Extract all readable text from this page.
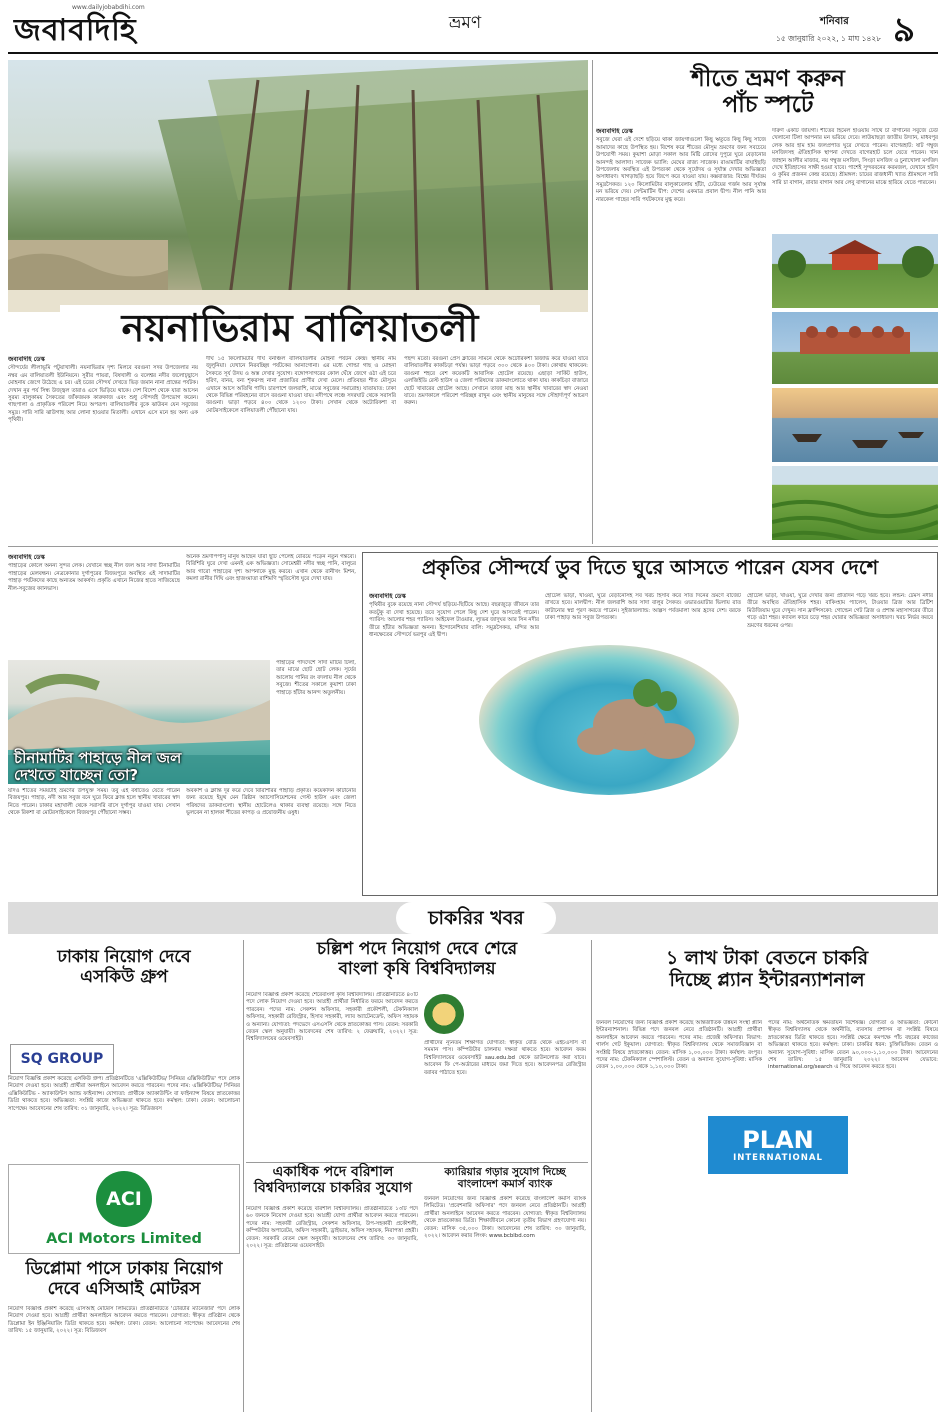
জবাবদিহি
www.dailyjobabdihi.com
ভ্রমণ	শনিবার
১৫ জানুয়ারি ২০২২, ১ মাঘ ১৪২৮ ৯
নয়নাভিরাম বালিয়াতলী
জবাবদিহি ডেস্ক

সৌন্দর্যের লীলাভূমি পটুয়াখালী। নয়নাভিরাম দৃশ্য মিলবে বরগুনা সদর উপজেলার নয় নম্বর এম বালিয়াতলী ইউনিয়নে। সুরীর পায়রা, বিষখালী ও বলেশ্বর নদীর জলোচ্ছ্বাসে মোহনায় জেগে উঠেছে এ চর। এই চরের সৌন্দর্য দেখতে ভিড় জমান নানা প্রান্তের পর্যটক। দেখান নুর পর্য সিন্ধ উজ্জ্বল তারাও এসে ভিড়িয়ে থাকে। দেশ বিদেশ থেকে যারা আসেন সুরম্য বালুকাময় সৈকতের জাঁকজমক কারুকাজ এবং শুধু সৌন্দর্যই উপভোগ করেন। গাছপালা ও প্রাকৃতিক পরিবেশ নিয়ে অপরূপ। বালিয়াতলীর বুকে ঝাউবন যেন সবুজের সমুদ্র। সারি সারি ঝাউগাছ আর লোনা হাওয়ার মিতালী। এখানে এসে মনে হয় অন্য এক পৃথিবী।

দীর্ঘ ১৫ কিলোমিটার দীর্ঘ বনাঞ্চল বালিয়াতলীর মোহনা পর্যটন কেন্দ্র। স্থানীয় নাম জুলুনিয়া। যেখানে নিরবচ্ছিন্ন পর্যটকের আনাগোনা। এর মধ্যে গোল্ডা গাছ ও মোহনা সৈকতে সূর্য উদয় ও অস্ত দেখার সুযোগ। বঙ্গোপসাগরের কোল ঘেঁষে জেগে ওঠা এই চরে হরিণ, বানর, বন্য শূকরসহ নানা প্রজাতির প্রাণীর দেখা মেলে। প্রতিবছর শীত মৌসুমে এখানে আসে অতিথি পাখি। চারপাশে জলরাশি, মাঝে সবুজের সমারোহ। যাতায়াত: ঢাকা থেকে বিভিন্ন পরিবহনের বাসে বরগুনা যাওয়া যায়। নদীপথে লঞ্চে সদরঘাট থেকে সরাসরি বরগুনা। ভাড়া পড়বে ৪০০ থেকে ১২০০ টাকা। সেখান থেকে অটোরিকশা বা মোটরসাইকেলে বালিয়াতলী পৌঁছানো যায়।

পছন্দ মতো। বরগুনা প্রেস ক্লাবের সামনে থেকে অটোরিকশা রিজার্ভ করে যাওয়া যাবে বালিয়াতলীর কাকচিড়া পর্যন্ত। ভাড়া পড়বে ৩০০ থেকে ৪০০ টাকা। কোথায় থাকবেন: বরগুনা শহরে বেশ কয়েকটি আবাসিক হোটেল রয়েছে। এছাড়া সার্কিট হাউস, এলজিইডি রেস্ট হাউস ও জেলা পরিষদের ডাকবাংলোতে থাকা যায়। কাকচিড়া বাজারে ছোট খাবারের হোটেল আছে। সেখানে তাজা মাছ আর স্থানীয় খাবারের স্বাদ নেওয়া যাবে। ভ্রমণকালে পরিবেশ পরিচ্ছন্ন রাখুন এবং স্থানীয় মানুষের সঙ্গে সৌহার্দ্যপূর্ণ আচরণ করুন।

শীতে ভ্রমণ করুন
পাঁচ স্পটে
জবাবদিহি ডেস্ক

সবুজে ঘেরা এই দেশে ছড়িয়ে থাকা জায়গাগুলো কিছু ঋতুতে কিছু কিছু সাজে আমাদের কাছে উপস্থিত হয়। বিশেষ করে শীতের মৌসুম ভ্রমণের জন্য সবচেয়ে উপযোগী সময়। কুয়াশা মোড়া সকাল আর মিষ্টি রোদের দুপুরে ঘুরে বেড়ানোর আনন্দই আলাদা। সাজেক ভ্যালি: মেঘের রাজ্য সাজেক। রাঙামাটির বাঘাইছড়ি উপজেলায় অবস্থিত এই উপত্যকা থেকে সূর্যোদয় ও সূর্যাস্ত দেখার অভিজ্ঞতা অসাধারণ। খাগড়াছড়ি হয়ে জিপে করে যাওয়া যায়। কক্সবাজার: বিশ্বের দীর্ঘতম সমুদ্রসৈকত। ১২০ কিলোমিটার বালুকাবেলায় হাঁটা, ঢেউয়ের গর্জন আর সূর্যাস্ত মন ভরিয়ে দেয়। সেন্টমার্টিন দ্বীপ: দেশের একমাত্র প্রবাল দ্বীপ। নীল পানি আর নারকেল গাছের সারি পর্যটকদের মুগ্ধ করে।

দারুণ একটি জায়গা। শীতের হিমেল হাওয়ায় সাথে চা বাগানের সবুজে ঢেউ খেলানো টিলা আপনার মন ভরিয়ে দেবে। লাউয়াছড়া জাতীয় উদ্যান, মাধবপুর লেক আর হাম হাম জলপ্রপাত ঘুরে দেখতে পারেন। বাগেরহাট: ষাট গম্বুজ মসজিদসহ ঐতিহাসিক স্থাপনা দেখতে বাগেরহাট চলে যেতে পারেন। খান জাহান আলীর মাজার, নয় গম্বুজ মসজিদ, সিংড়া মসজিদ ও চুনাখোলা মসজিদ দেখে ইতিহাসের সাক্ষী হওয়া যাবে। পাশেই সুন্দরবনের করমজল, যেখানে হরিণ ও কুমির প্রজনন কেন্দ্র রয়েছে। শ্রীমঙ্গল: চায়ের রাজধানী খ্যাত শ্রীমঙ্গলে সারি সারি চা বাগান, রাবার বাগান আর লেবু বাগানের মাঝে হারিয়ে যেতে পারবেন।

জবাবদিহি ডেস্ক

পাহাড়ের কোলে অনন্য সুন্দর লেক। যেখানে স্বচ্ছ নীল জল আর সাদা চীনামাটির পাহাড়ের মেলবন্ধন। নেত্রকোনার দুর্গাপুরের বিজয়পুরে অবস্থিত এই সাদামাটির পাহাড় পর্যটকদের কাছে অন্যতম আকর্ষণ। প্রকৃতি এখানে নিজের হাতে সাজিয়েছে নীল-সবুজের ক্যানভাস।

অনেক ভ্রমণপিপাসু মানুষ আছেন যারা ছুটি পেলেই বেরিয়ে পড়েন নতুন গন্তব্যে। বিরিশিরি ঘুরে দেখা এমনই এক অভিজ্ঞতা। সোমেশ্বরী নদীর স্বচ্ছ পানি, বালুচর আর গারো পাহাড়ের দৃশ্য আপনাকে মুগ্ধ করবে। এখান থেকে রানীখং মিশন, কমলা রানীর দিঘি এবং হাজংমাতা রাশিমণি স্মৃতিসৌধ ঘুরে দেখা যায়।

চীনামাটির পাহাড়ে নীল জল
দেখতে যাচ্ছেন তো?

পাহাড়ের পাদদেশে সাদা মাটির টিলা, তার মাঝে ছোট ছোট লেক। সূর্যের আলোয় পানির রং বদলায় নীল থেকে সবুজে। শীতের সকালে কুয়াশা ঢাকা পাহাড়ে হাঁটার আনন্দ অতুলনীয়।

যদিও শীতের সময়টাই ভ্রমণের উপযুক্ত সময়। তবু এই বর্ষাতেও যেতে পারেন বিজয়পুর। পাহাড়, নদী আর সবুজ বনে ঘুরে ফিরে ক্লান্ত হলে স্থানীয় খাবারের স্বাদ নিতে পারেন। ঢাকার মহাখালী থেকে সরাসরি বাসে দুর্গাপুর যাওয়া যায়। সেখান থেকে রিকশা বা মোটরসাইকেলে বিজয়পুর পৌঁছানো সম্ভব।

অবকাশ ও ক্লান্তি দূর করে দেবে বিরিশিরির পাহাড়ি প্রকৃতি। কয়েকদিন কাটানোর জন্য রয়েছে ইয়ুথ মেন খ্রিষ্টান অ্যাসোসিয়েশনের গেস্ট হাউস এবং জেলা পরিষদের ডাকবাংলো। স্থানীয় হোটেলেও থাকার ব্যবস্থা রয়েছে। সঙ্গে নিতে ভুলবেন না হালকা শীতের কাপড় ও প্রয়োজনীয় ওষুধ।

প্রকৃতির সৌন্দর্যে ডুব দিতে ঘুরে আসতে পারেন যেসব দেশে
জবাবদিহি ডেস্ক

পৃথিবীর বুকে রয়েছে নানা সৌন্দর্য ছড়িয়ে-ছিটিয়ে আছে। বছরজুড়ে জীবনে তার কতটুকু বা দেখা হয়েছে। তবে সুযোগ পেলে কিছু দেশ ঘুরে আসতেই পারেন। প্যারিস: আলোর শহর প্যারিস। আইফেল টাওয়ার, ল্যুভর জাদুঘর আর সিন নদীর তীরে হাঁটার অভিজ্ঞতা অনন্য। ইন্দোনেশিয়ার বালি: সমুদ্রসৈকত, মন্দির আর ধানক্ষেতের সৌন্দর্যে ভরপুর এই দ্বীপ।

হোটেল ভাড়া, খাওয়া, ঘুরে বেড়ানোসহ সব খরচ হিসাব করে সাত দিনের ভ্রমণে বাজেট রাখতে হবে। মালদ্বীপ: নীল জলরাশি আর সাদা বালুর সৈকত। ওভারওয়াটার ভিলায় রাত কাটানোর স্বপ্ন পূরণ করতে পারেন। সুইজারল্যান্ড: আল্পস পর্বতমালা আর হ্রদের দেশ। বরফে ঢাকা পাহাড় আর সবুজ উপত্যকা।

হোটেল ভাড়া, খাওয়া, ঘুরে দেখার জন্য প্রতিদিন গড়ে খরচ হবে। লন্ডন: টেমস নদীর তীরে অবস্থিত ঐতিহাসিক শহর। বাকিংহাম প্যালেস, টাওয়ার ব্রিজ আর ব্রিটিশ মিউজিয়াম ঘুরে দেখুন। সান ফ্রান্সিসকো: গোল্ডেন গেট ব্রিজ ও প্রশান্ত মহাসাগরের তীরে গড়ে ওঠা শহর। ক্যাবল কারে চড়ে শহর ঘোরার অভিজ্ঞতা অসাধারণ। খরচ নির্ভর করবে ভ্রমণের ধরনের ওপর।

চাকরির খবর
ঢাকায় নিয়োগ দেবে
এসকিউ গ্রুপ
SQ GROUP

নিয়োগ বিজ্ঞপ্তি প্রকাশ করেছে এসকিউ গ্রুপ। প্রতিষ্ঠানটিতে 'এক্সিকিউটিভ/ সিনিয়র এক্সিকিউটিভ' পদে লোক নিয়োগ দেওয়া হবে। আগ্রহী প্রার্থীরা অনলাইনে আবেদন করতে পারবেন। পদের নাম: এক্সিকিউটিভ/ সিনিয়র এক্সিকিউটিভ - অ্যাকাউন্টস অ্যান্ড ফাইন্যান্স। যোগ্যতা: প্রার্থীকে অ্যাকাউন্টিং বা ফাইন্যান্স বিষয়ে স্নাতকোত্তর ডিগ্রি থাকতে হবে। অভিজ্ঞতা: সংশ্লিষ্ট কাজে অভিজ্ঞতা থাকতে হবে। কর্মস্থল: ঢাকা। বেতন: আলোচনা সাপেক্ষে। আবেদনের শেষ তারিখ: ৩১ জানুয়ারি, ২০২২। সূত্র: বিডিজবস

ACI
ACI Motors Limited
ডিপ্লোমা পাসে ঢাকায় নিয়োগ
দেবে এসিআই মোটরস

নিয়োগ বিজ্ঞপ্তি প্রকাশ করেছে এসিআই মোটরস লিমিটেড। প্রতিষ্ঠানটিতে 'টেরিটরি ম্যানেজার' পদে লোক নিয়োগ দেওয়া হবে। আগ্রহী প্রার্থীরা অনলাইনে আবেদন করতে পারবেন। যোগ্যতা: স্বীকৃত প্রতিষ্ঠান থেকে ডিপ্লোমা ইন ইঞ্জিনিয়ারিং ডিগ্রি থাকতে হবে। কর্মস্থল: ঢাকা। বেতন: আলোচনা সাপেক্ষে। আবেদনের শেষ তারিখ: ১৫ জানুয়ারি, ২০২২। সূত্র: বিডিজবস

চল্লিশ পদে নিয়োগ দেবে শেরে
বাংলা কৃষি বিশ্ববিদ্যালয়

নিয়োগ বিজ্ঞপ্তি প্রকাশ করেছে শেরেবাংলা কৃষি বিশ্ববিদ্যালয়। প্রতিষ্ঠানটিতে ৪০টি পদে লোক নিয়োগ দেওয়া হবে। আগ্রহী প্রার্থীরা নির্ধারিত ফরমে আবেদন করতে পারবেন। পদের নাম: সেকশন অফিসার, সহকারী প্রকৌশলী, টেকনিক্যাল অফিসার, সহকারী রেজিস্ট্রার, হিসাব সহকারী, ল্যাব অ্যাটেনডেন্ট, অফিস সহায়ক ও অন্যান্য। যোগ্যতা: পদভেদে এসএসসি থেকে স্নাতকোত্তর পাস। বেতন: সরকারি বেতন স্কেল অনুযায়ী। আবেদনের শেষ তারিখ: ২ ফেব্রুয়ারি, ২০২২। সূত্র: বিশ্ববিদ্যালয়ের ওয়েবসাইট।

প্রার্থীদের ন্যূনতম শিক্ষাগত যোগ্যতা: স্বীকৃত বোর্ড থেকে এইচএসসি বা সমমান পাস। কম্পিউটার চালনায় দক্ষতা থাকতে হবে। আবেদন ফরম বিশ্ববিদ্যালয়ের ওয়েবসাইট sau.edu.bd থেকে ডাউনলোড করা যাবে। আবেদন ফি পে-অর্ডারের মাধ্যমে জমা দিতে হবে। আবেদনপত্র রেজিস্ট্রার বরাবর পাঠাতে হবে।

একাধিক পদে বরিশাল
বিশ্ববিদ্যালয়ে চাকরির সুযোগ

নিয়োগ বিজ্ঞপ্তি প্রকাশ করেছে বরিশাল বিশ্ববিদ্যালয়। প্রতিষ্ঠানটিতে ১৩টি পদে ৬০ জনকে নিয়োগ দেওয়া হবে। আগ্রহী যোগ্য প্রার্থীরা আবেদন করতে পারবেন। পদের নাম: সহকারী রেজিস্ট্রার, সেকশন অফিসার, উপ-সহকারী প্রকৌশলী, কম্পিউটার অপারেটর, অফিস সহকারী, ড্রাইভার, অফিস সহায়ক, নিরাপত্তা প্রহরী। বেতন: সরকারি বেতন স্কেল অনুযায়ী। আবেদনের শেষ তারিখ: ৩০ জানুয়ারি, ২০২২। সূত্র: প্রতিষ্ঠানের ওয়েবসাইট।

ক্যারিয়ার গড়ার সুযোগ দিচ্ছে
বাংলাদেশ কমার্স ব্যাংক

জনবল নিয়োগের জন্য বিজ্ঞপ্তি প্রকাশ করেছে বাংলাদেশ কমার্স ব্যাংক লিমিটেড। 'প্রবেশনারি অফিসার' পদে জনবল নেবে প্রতিষ্ঠানটি। আগ্রহী প্রার্থীরা অনলাইনে আবেদন করতে পারবেন। যোগ্যতা: স্বীকৃত বিশ্ববিদ্যালয় থেকে স্নাতকোত্তর ডিগ্রি। শিক্ষাজীবনে কোনো তৃতীয় বিভাগ গ্রহণযোগ্য নয়। বেতন: মাসিক ৩৫,০০০ টাকা। আবেদনের শেষ তারিখ: ৩০ জানুয়ারি, ২০২২। আবেদন করার লিংক: www.bcblbd.com

১ লাখ টাকা বেতনে চাকরি
দিচ্ছে প্ল্যান ইন্টারন্যাশনাল

জনবল নিয়োগের জন্য বিজ্ঞপ্তি প্রকাশ করেছে আন্তর্জাতিক উন্নয়ন সংস্থা প্ল্যান ইন্টারন্যাশনাল। বিভিন্ন পদে জনবল নেবে প্রতিষ্ঠানটি। আগ্রহী প্রার্থীরা অনলাইনে আবেদন করতে পারবেন। পদের নাম: প্রজেক্ট অফিসার। বিভাগ: গার্লস গেট ইকুয়াল। যোগ্যতা: স্বীকৃত বিশ্ববিদ্যালয় থেকে সমাজবিজ্ঞান বা সংশ্লিষ্ট বিষয়ে স্নাতকোত্তর। বেতন: মাসিক ১,০০,০০০ টাকা। কর্মস্থল: রংপুর। পদের নাম: টেকনিক্যাল স্পেশালিস্ট। বেতন ও অন্যান্য সুযোগ-সুবিধা: মাসিক বেতন ১,০০,০০০ থেকে ১,১০,০০০ টাকা।

PLAN
INTERNATIONAL

পদের নাম: অর্থনৈতিক ক্ষমতায়ন বিশেষজ্ঞ। যোগ্যতা ও অভিজ্ঞতা: কোনো স্বীকৃত বিশ্ববিদ্যালয় থেকে অর্থনীতি, ব্যবসায় প্রশাসন বা সংশ্লিষ্ট বিষয়ে স্নাতকোত্তর ডিগ্রি থাকতে হবে। সংশ্লিষ্ট ক্ষেত্রে কমপক্ষে পাঁচ বছরের কাজের অভিজ্ঞতা থাকতে হবে। কর্মস্থল: ঢাকা। চাকরির ধরন: চুক্তিভিত্তিক। বেতন ও অন্যান্য সুযোগ-সুবিধা: মাসিক বেতন ৯০,০০০-১,১০,০০০ টাকা। আবেদনের শেষ তারিখ: ১৫ জানুয়ারি ২০২২। আবেদন যেভাবে: international.org/search এ গিয়ে আবেদন করতে হবে।
